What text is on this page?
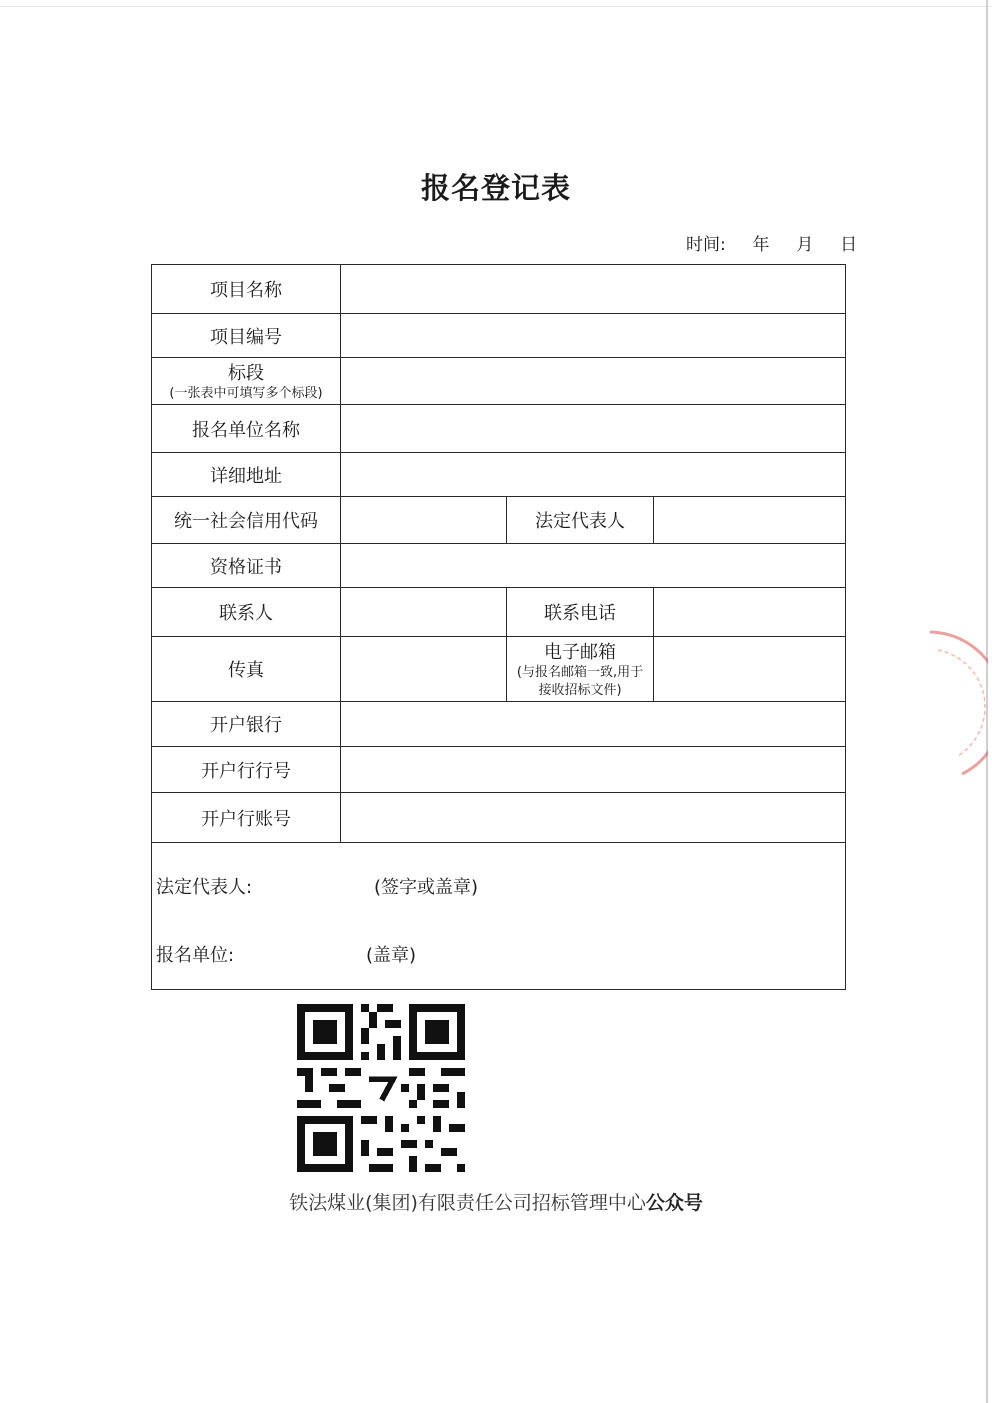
报名登记表
时间: 年 月 日
项目名称			
项目编号			

标段
(一张表中可填写多个标段)			

报名单位名称			
详细地址			
统一社会信用代码		法定代表人	
资格证书			
联系人		联系电话	
传真		电子邮箱
(与报名邮箱一致,用于接收招标文件)	

开户银行			
开户行行号			
开户行账号			

法定代表人: (签字或盖章)
报名单位: (盖章)			
铁法煤业(集团)有限责任公司招标管理中心公众号
